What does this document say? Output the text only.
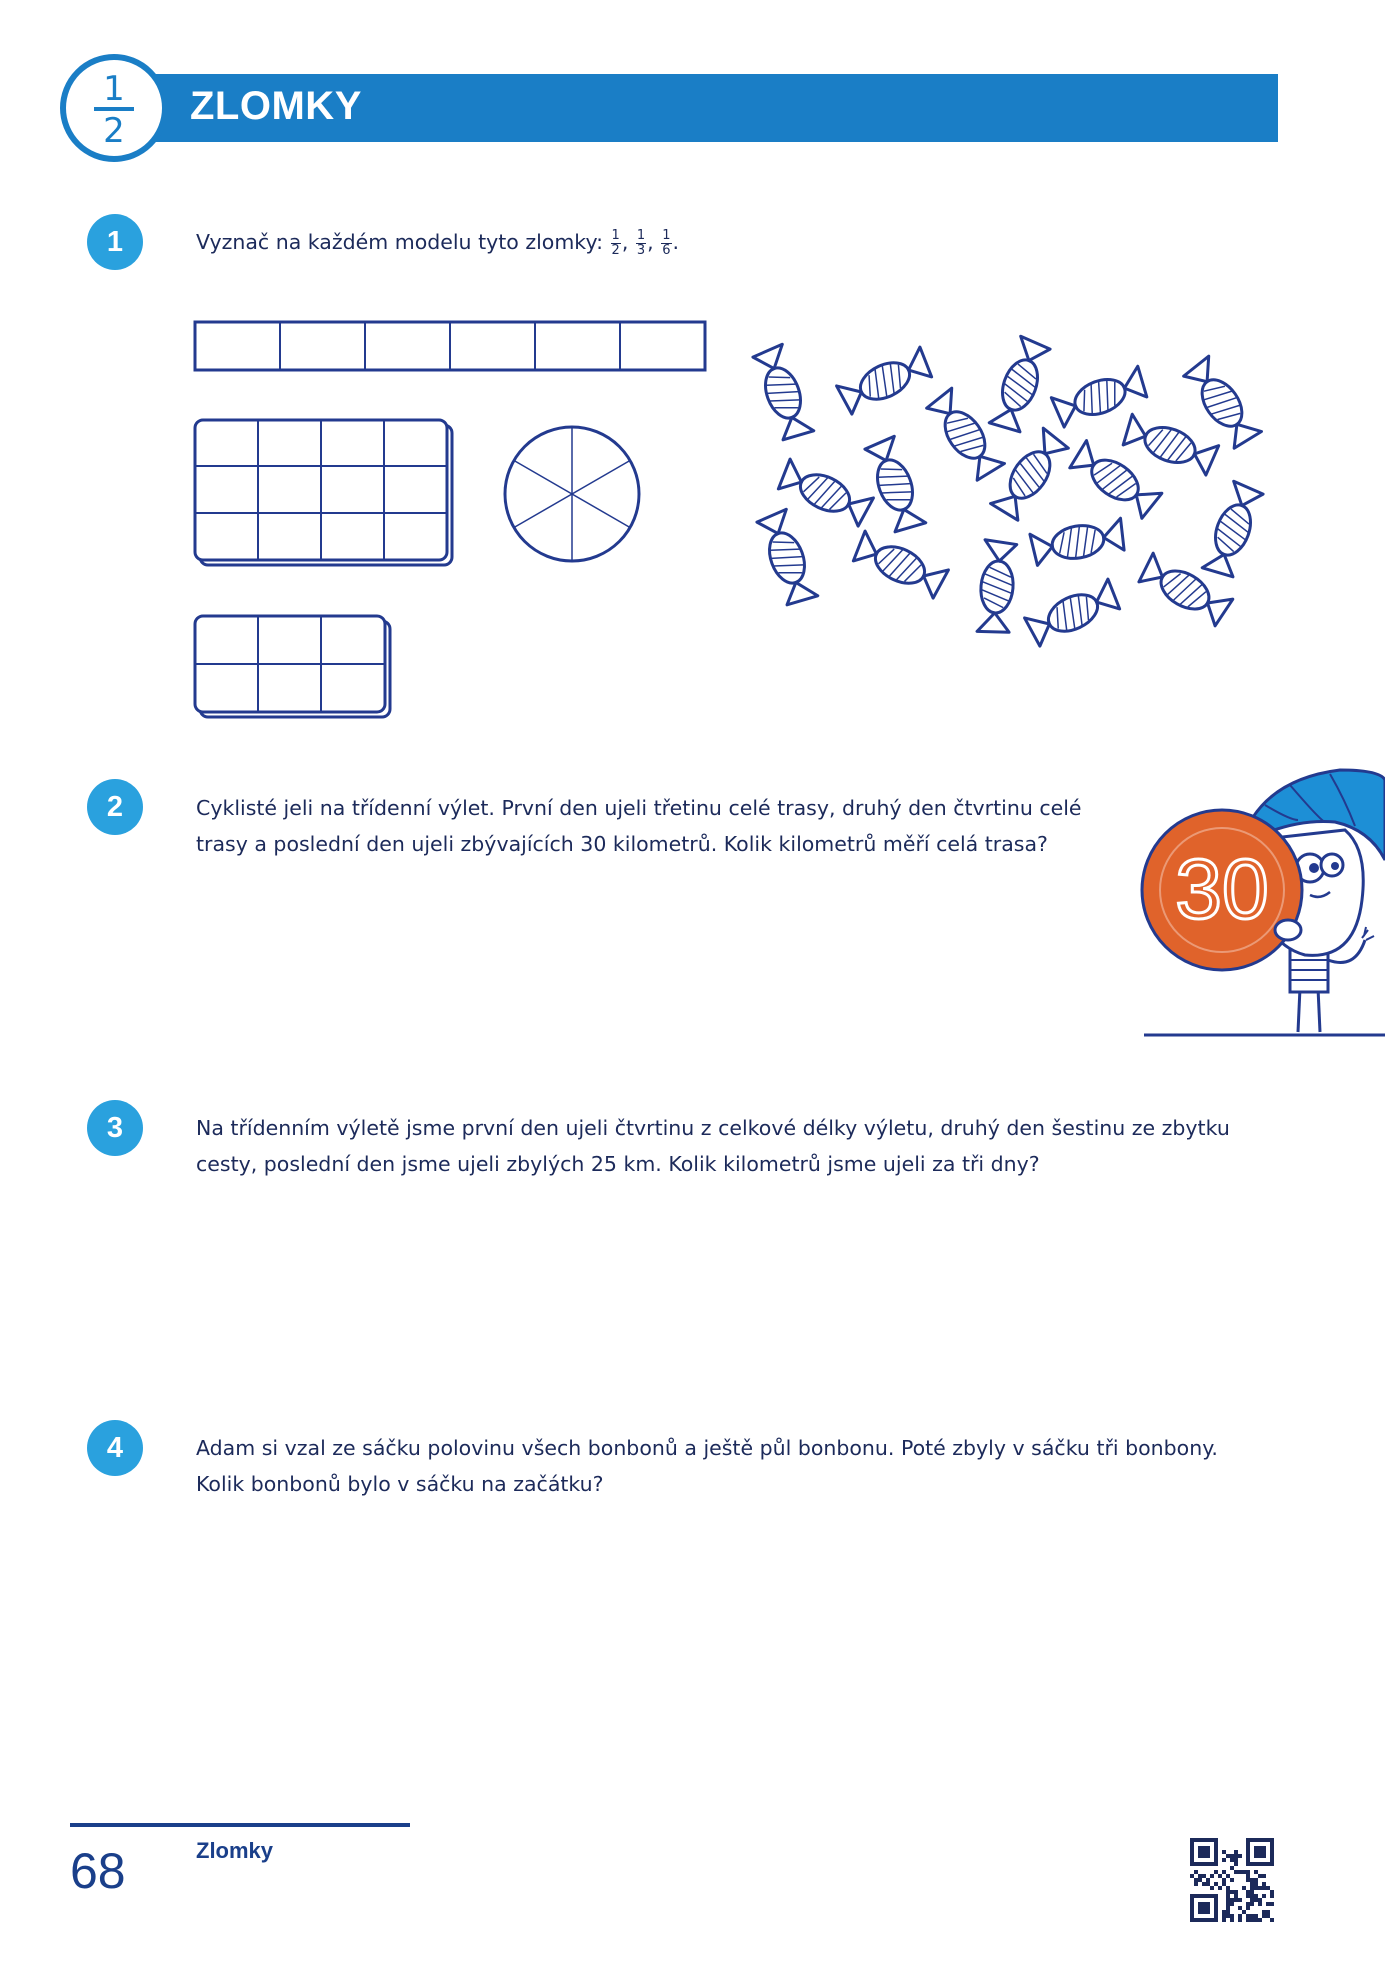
ZLOMKY
1
2
1	Vyznač na každém modelu tyto zlomky: $\frac{1}{2}$ , $\frac{1}{3}$ , $\frac{1}{6}$ .
2	Cyklisté jeli na třídenní výlet. První den ujeli třetinu celé trasy, druhý den čtvrtinu celé
trasy a poslední den ujeli zbývajících 30 kilometrů. Kolik kilometrů měří celá trasa? 30
3	Na třídenním výletě jsme první den ujeli čtvrtinu z celkové délky výletu, druhý den šestinu ze zbytku
cesty, poslední den jsme ujeli zbylých 25 km. Kolik kilometrů jsme ujeli za tři dny?
4	Adam si vzal ze sáčku polovinu všech bonbonů a ještě půl bonbonu. Poté zbyly v sáčku tři bonbony.
Kolik bonbonů bylo v sáčku na začátku?
68	Zlomky
